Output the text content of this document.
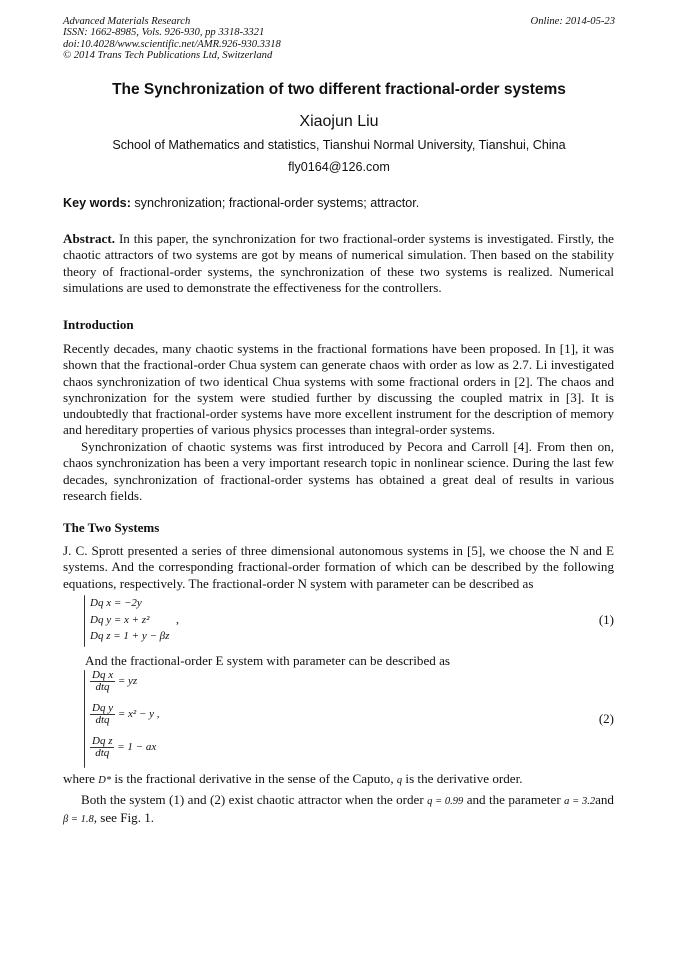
Advanced Materials Research
ISSN: 1662-8985, Vols. 926-930, pp 3318-3321
doi:10.4028/www.scientific.net/AMR.926-930.3318
© 2014 Trans Tech Publications Ltd, Switzerland
Online: 2014-05-23
The Synchronization of two different fractional-order systems
Xiaojun Liu
School of Mathematics and statistics, Tianshui Normal University, Tianshui, China
fly0164@126.com
Key words: synchronization; fractional-order systems; attractor.
Abstract. In this paper, the synchronization for two fractional-order systems is investigated. Firstly, the chaotic attractors of two systems are got by means of numerical simulation. Then based on the stability theory of fractional-order systems, the synchronization of these two systems is realized. Numerical simulations are used to demonstrate the effectiveness for the controllers.
Introduction
Recently decades, many chaotic systems in the fractional formations have been proposed. In [1], it was shown that the fractional-order Chua system can generate chaos with order as low as 2.7. Li investigated chaos synchronization of two identical Chua systems with some fractional orders in [2]. The chaos and synchronization for the system were studied further by discussing the coupled matrix in [3]. It is undoubtedly that fractional-order systems have more excellent instrument for the description of memory and hereditary properties of various physics processes than integral-order systems.
Synchronization of chaotic systems was first introduced by Pecora and Carroll [4]. From then on, chaos synchronization has been a very important research topic in nonlinear science. During the last few decades, synchronization of fractional-order systems has obtained a great deal of results in various research fields.
The Two Systems
J. C. Sprott presented a series of three dimensional autonomous systems in [5], we choose the N and E systems. And the corresponding fractional-order formation of which can be described by the following equations, respectively. The fractional-order N system with parameter can be described as
Dq x = −2y
Dq y = x + z²
Dq z = 1 + y − βz
,	(1)
And the fractional-order E system with parameter can be described as
$\frac{\text{Dq x}}{\text{dtq}}$ = yz
$\frac{\text{Dq y}}{\text{dtq}} = x^2 - y$ ,
$\frac{\text{Dq z}}{\text{dtq}} = 1$ − ax
(2)
where D* is the fractional derivative in the sense of the Caputo, q is the derivative order.
Both the system (1) and (2) exist chaotic attractor when the order q = 0.99 and the parameter a = 3.2and β = 1.8, see Fig. 1.
